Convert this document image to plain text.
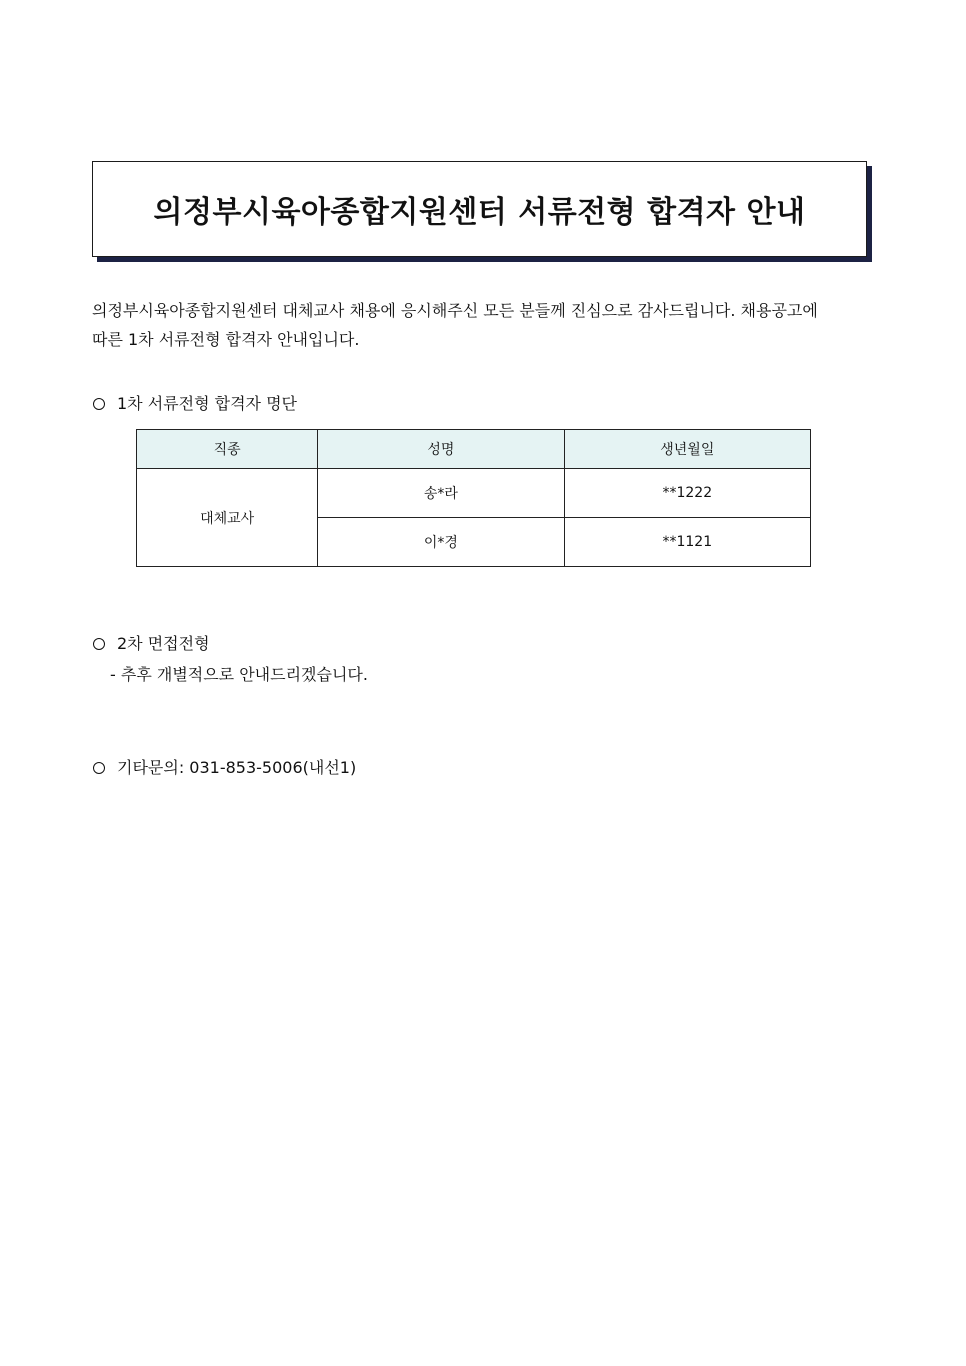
의정부시육아종합지원센터 서류전형 합격자 안내

의정부시육아종합지원센터 대체교사 채용에 응시해주신 모든 분들께 진심으로 감사드립니다. 채용공고에

따른 1차 서류전형 합격자 안내입니다.

1차 서류전형 합격자 명단
직종	성명	생년월일
대체교사	송*라	**1222
	이*경	**1121
2차 면접전형
- 추후 개별적으로 안내드리겠습니다.
기타문의: 031-853-5006(내선1)
